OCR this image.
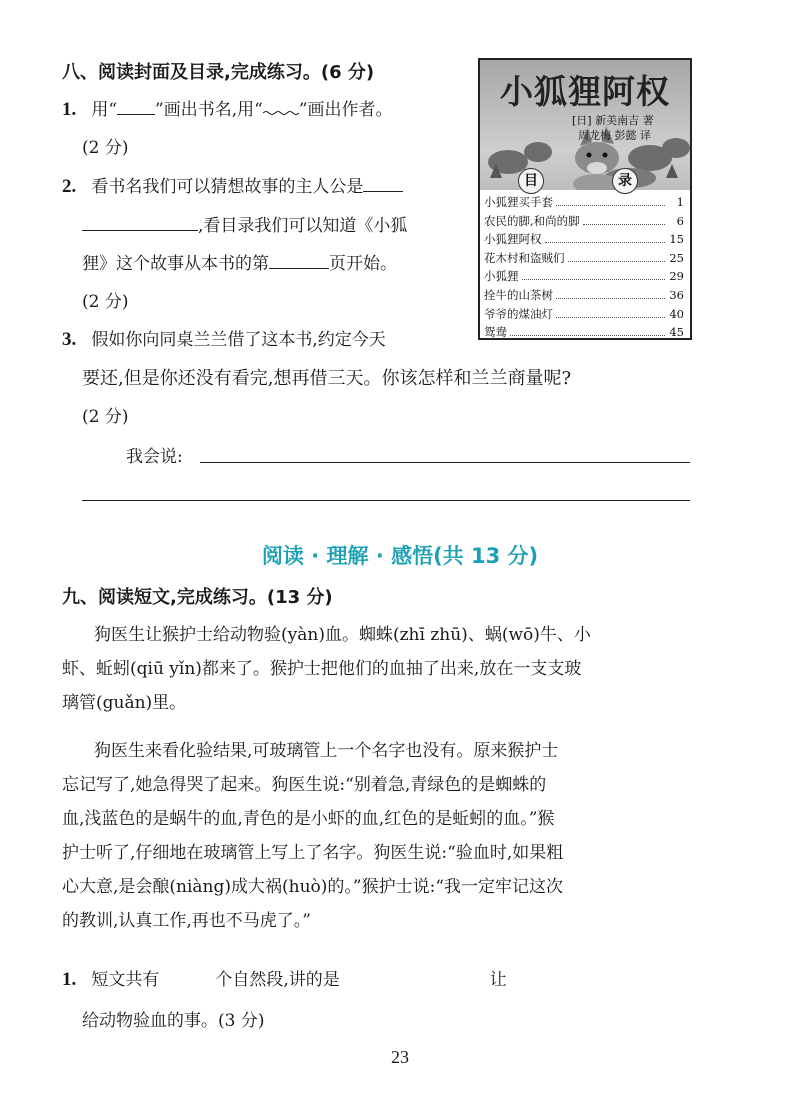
八、阅读封面及目录,完成练习。(6 分)
1. 用“ ”画出书名,用“ ”画出作者。
(2 分)
2. 看书名我们可以猜想故事的主人公是
,看目录我们可以知道《小狐
狸》这个故事从本书的第	页开始。
(2 分)
3. 假如你向同桌兰兰借了这本书,约定今天
要还,但是你还没有看完,想再借三天。你该怎样和兰兰商量呢?
(2 分)
我会说:
小狐狸阿权
[日] 新美南吉 著
周龙梅 彭懿 译
目	录
小狐狸买手套	1
农民的脚,和尚的脚	6
小狐狸阿权	15
花木村和盗贼们	25
小狐狸	29
拴牛的山茶树	36
爷爷的煤油灯	40
鸳鸯	45
阅读 · 理解 · 感悟(共 13 分)
九、阅读短文,完成练习。(13 分)
狗医生让猴护士给动物验(yàn)血。蜘蛛(zhī zhū)、蜗(wō)牛、小
虾、蚯蚓(qiū yǐn)都来了。猴护士把他们的血抽了出来,放在一支支玻
璃管(guǎn)里。
狗医生来看化验结果,可玻璃管上一个名字也没有。原来猴护士
忘记写了,她急得哭了起来。狗医生说:“别着急,青绿色的是蜘蛛的
血,浅蓝色的是蜗牛的血,青色的是小虾的血,红色的是蚯蚓的血。”猴
护士听了,仔细地在玻璃管上写上了名字。狗医生说:“验血时,如果粗
心大意,是会酿(niàng)成大祸(huò)的。”猴护士说:“我一定牢记这次
的教训,认真工作,再也不马虎了。”
1. 短文共有	个自然段,讲的是	让
给动物验血的事。(3 分)
23
